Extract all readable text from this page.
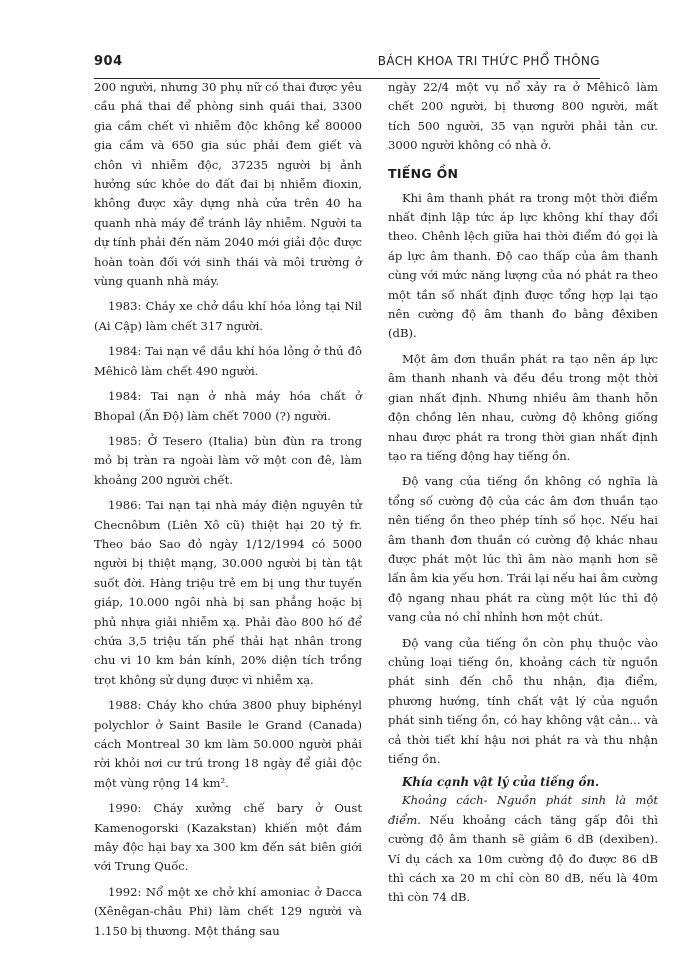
904	BÁCH KHOA TRI THỨC PHỔ THÔNG

200 người, nhưng 30 phụ nữ có thai được yêu cầu phá thai để phòng sinh quái thai, 3300 gia cầm chết vì nhiễm độc không kể 80000 gia cầm và 650 gia súc phải đem giết và chôn vì nhiễm độc, 37235 người bị ảnh hưởng sức khỏe do đất đai bị nhiễm đioxin, không được xây dựng nhà cửa trên 40 ha quanh nhà máy để tránh lây nhiễm. Người ta dự tính phải đến năm 2040 mới giải độc được hoàn toàn đối với sinh thái và môi trường ở vùng quanh nhà máy.

1983: Cháy xe chở dầu khí hóa lỏng tại Nil (Ai Cập) làm chết 317 người.

1984: Tai nạn về dầu khí hóa lỏng ở thủ đô Mêhicô làm chết 490 người.

1984: Tai nạn ở nhà máy hóa chất ở Bhopal (Ấn Độ) làm chết 7000 (?) người.

1985: Ở Tesero (Italia) bùn đùn ra trong mỏ bị tràn ra ngoài làm vỡ một con đê, làm khoảng 200 người chết.

1986: Tai nạn tại nhà máy điện nguyên tử Checnôbưn (Liên Xô cũ) thiệt hại 20 tỷ fr. Theo báo Sao đỏ ngày 1/12/1994 có 5000 người bị thiệt mạng, 30.000 người bị tàn tật suốt đời. Hàng triệu trẻ em bị ung thư tuyến giáp, 10.000 ngôi nhà bị san phẳng hoặc bị phủ nhựa giải nhiễm xạ. Phải đào 800 hố để chứa 3,5 triệu tấn phế thải hạt nhân trong chu vi 10 km bán kính, 20% diện tích trồng trọt không sử dụng được vì nhiễm xạ.

1988: Cháy kho chứa 3800 phuy biphényl polychlor ở Saint Basile le Grand (Canada) cách Montreal 30 km làm 50.000 người phải rời khỏi nơi cư trú trong 18 ngày để giải độc một vùng rộng 14 km².

1990: Cháy xưởng chế bary ở Oust Kamenogorski (Kazakstan) khiến một đám mây độc hại bay xa 300 km đến sát biên giới với Trung Quốc.

1992: Nổ một xe chở khí amoniac ở Dacca (Xênêgan-châu Phi) làm chết 129 người và 1.150 bị thương. Một tháng sau

ngày 22/4 một vụ nổ xảy ra ở Mêhicô làm chết 200 người, bị thương 800 người, mất tích 500 người, 35 vạn người phải tản cư. 3000 người không có nhà ở.

TIẾNG ỒN

Khi âm thanh phát ra trong một thời điểm nhất định lập tức áp lực không khí thay đổi theo. Chênh lệch giữa hai thời điểm đó gọi là áp lực âm thanh. Độ cao thấp của âm thanh cùng với mức năng lượng của nó phát ra theo một tần số nhất định được tổng hợp lại tạo nên cường độ âm thanh đo bằng đêxiben (dB).

Một âm đơn thuần phát ra tạo nên áp lực âm thanh nhanh và đều đều trong một thời gian nhất định. Nhưng nhiều âm thanh hỗn độn chồng lên nhau, cường độ không giống nhau được phát ra trong thời gian nhất định tạo ra tiếng động hay tiếng ồn.

Độ vang của tiếng ồn không có nghĩa là tổng số cường độ của các âm đơn thuần tạo nên tiếng ồn theo phép tính số học. Nếu hai âm thanh đơn thuần có cường độ khác nhau được phát một lúc thì âm nào mạnh hơn sẽ lấn âm kia yếu hơn. Trái lại nếu hai âm cường độ ngang nhau phát ra cùng một lúc thì độ vang của nó chỉ nhỉnh hơn một chút.

Độ vang của tiếng ồn còn phụ thuộc vào chủng loại tiếng ồn, khoảng cách từ nguồn phát sinh đến chỗ thu nhận, địa điểm, phương hướng, tính chất vật lý của nguồn phát sinh tiếng ồn, có hay không vật cản... và cả thời tiết khí hậu nơi phát ra và thu nhận tiếng ồn.

Khía cạnh vật lý của tiếng ồn.

Khoảng cách- Nguồn phát sinh là một điểm. Nếu khoảng cách tăng gấp đôi thì cường độ âm thanh sẽ giảm 6 dB (dexiben). Ví dụ cách xa 10m cường độ đo được 86 dB thì cách xa 20 m chỉ còn 80 dB, nếu là 40m thì còn 74 dB.
